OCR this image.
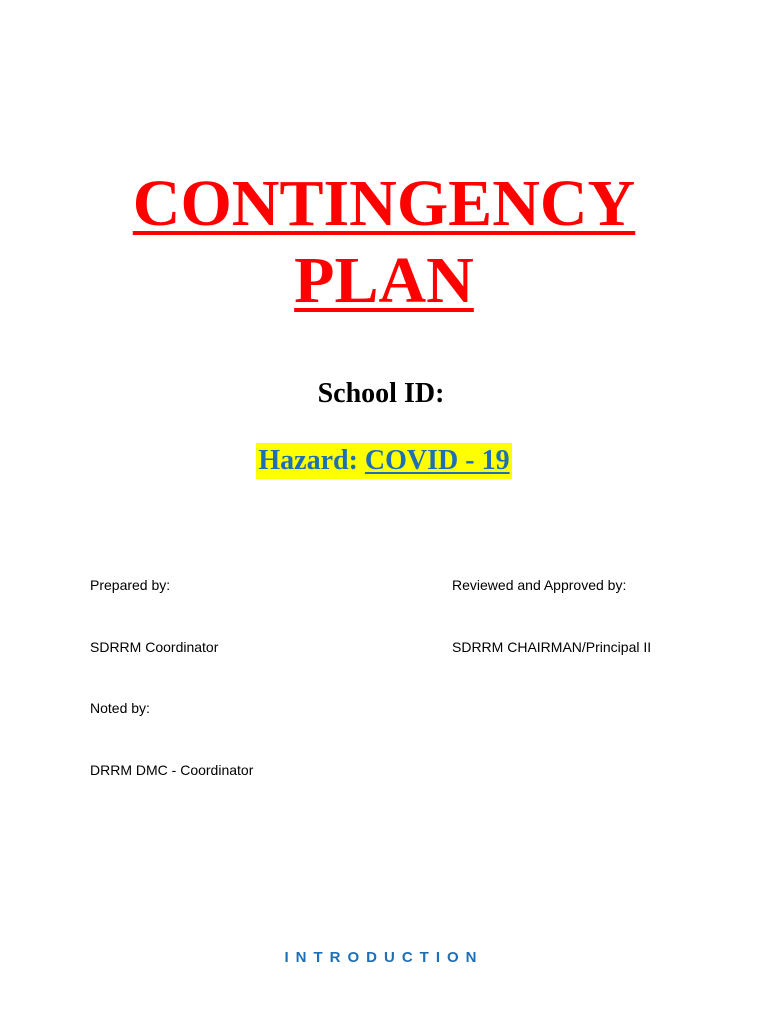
CONTINGENCY
PLAN
School ID:
Hazard: COVID - 19
Prepared by:	Reviewed and Approved by:
SDRRM Coordinator	SDRRM CHAIRMAN/Principal II
Noted by:
DRRM DMC - Coordinator
INTRODUCTION
